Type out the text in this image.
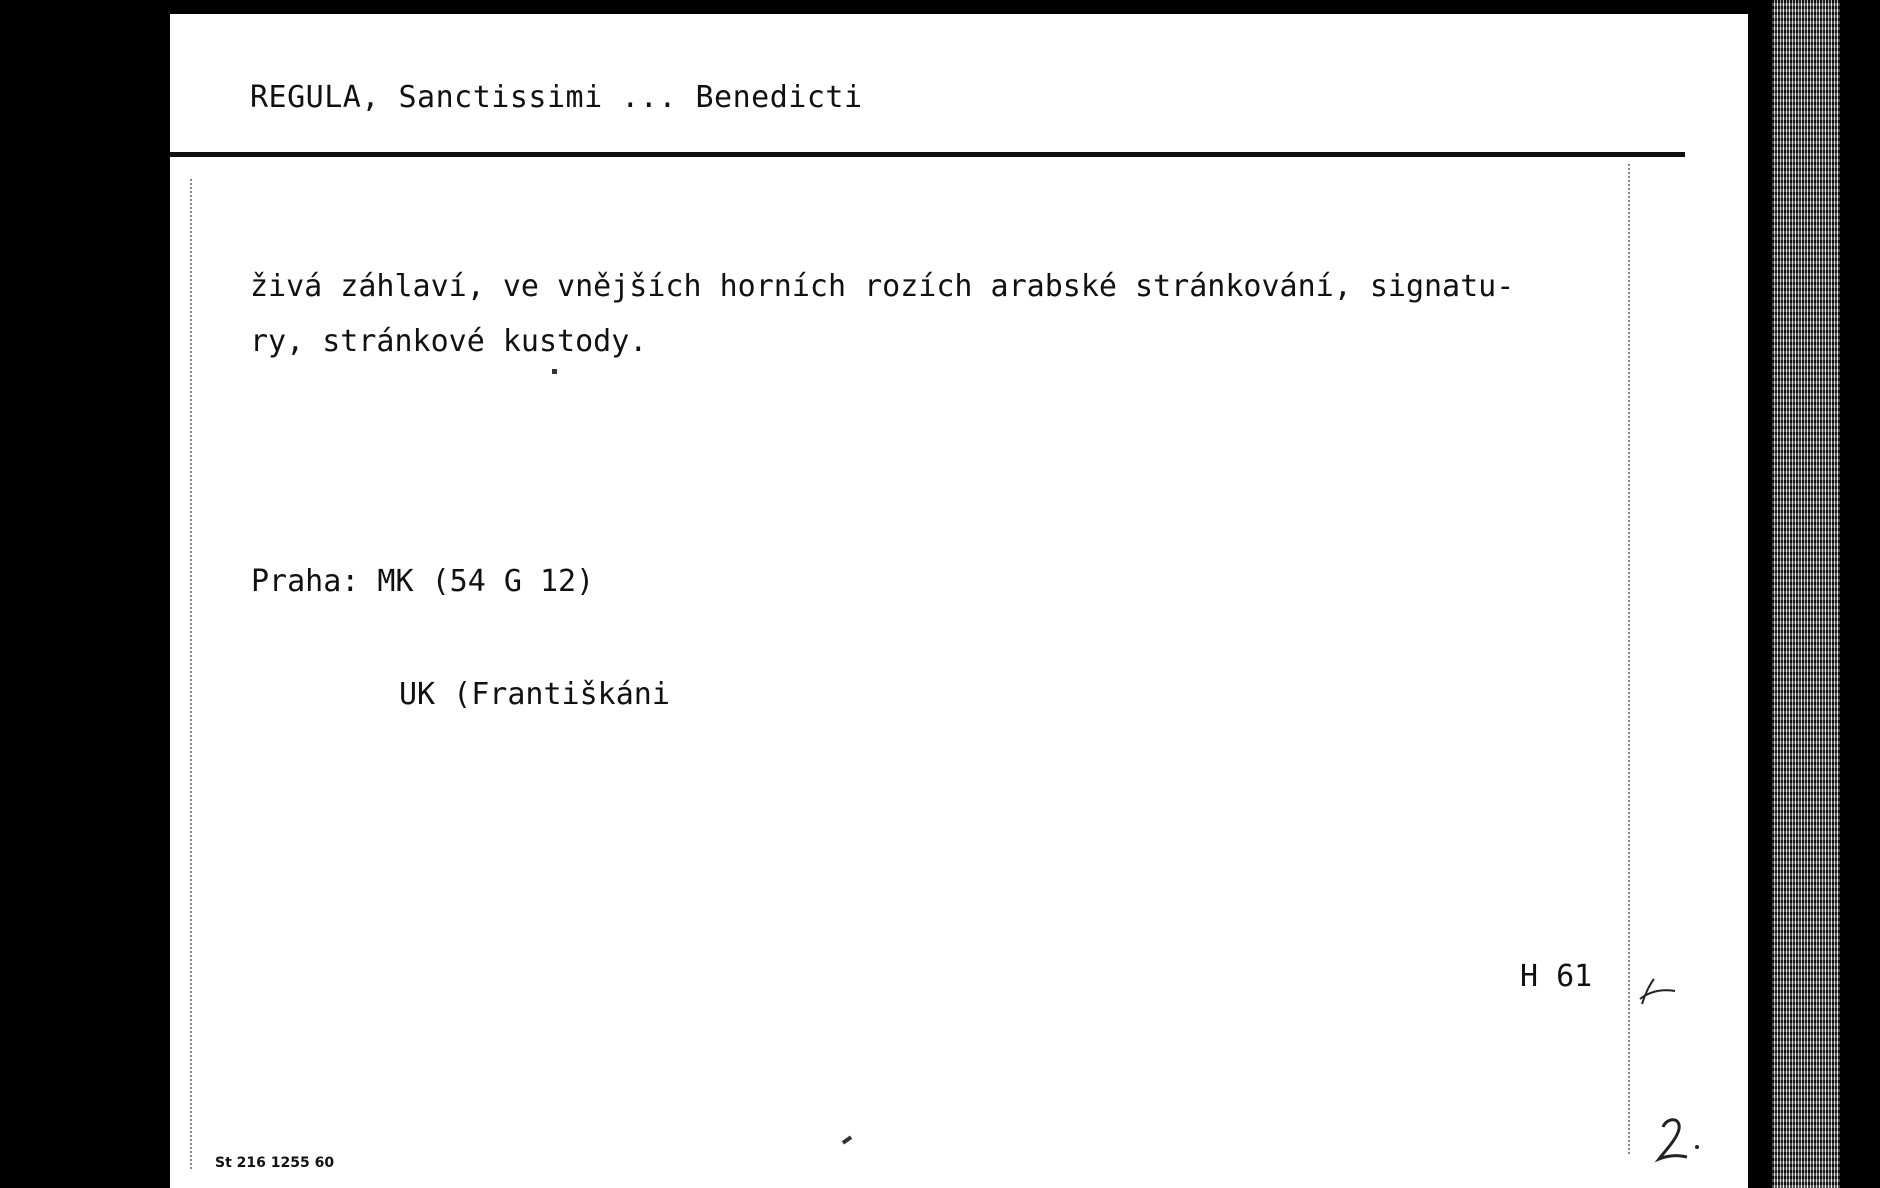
REGULA, Sanctissimi ... Benedicti
živá záhlaví, ve vnějších horních rozích arabské stránkování, signatu-
ry, stránkové kustody.
Praha: MK (54 G 12)
UK (Františkáni
H 61
St 216 1255 60
